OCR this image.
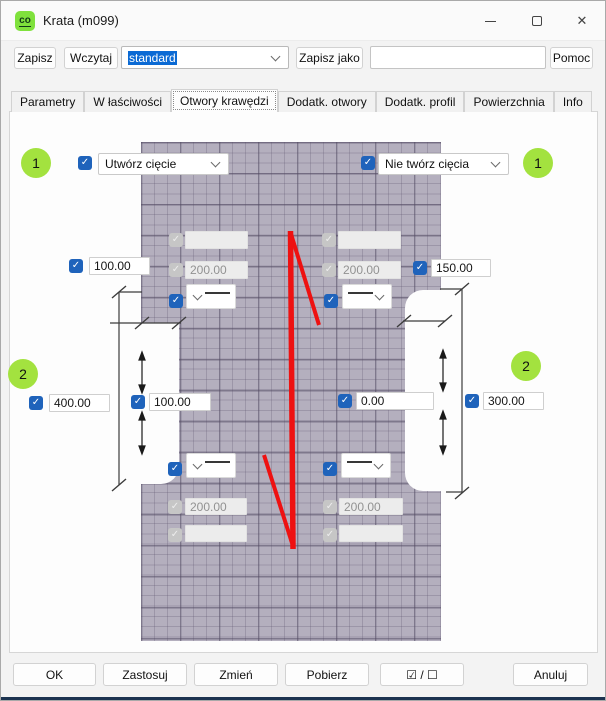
co Krata (m099)	✕
Zapisz	Wczytaj	standard	Zapisz jako	Pomoc
Parametry	W łaściwości	Otwory krawędzi	Dodatk. otwory	Dodatk. profil	Powierzchnia	Info
1	1
2	2
✓
Utwórz cięcie ✓	Nie twórz cięcia
✓
✓
100.00
✓
200.00
✓
✓
✓
200.00
✓
150.00
✓
✓
400.00
✓
100.00
✓
0.00
✓
300.00
✓
✓
200.00
✓
✓
✓
200.00
✓
OK	Zastosuj	Zmień	Pobierz	☑ / ☐	Anuluj
